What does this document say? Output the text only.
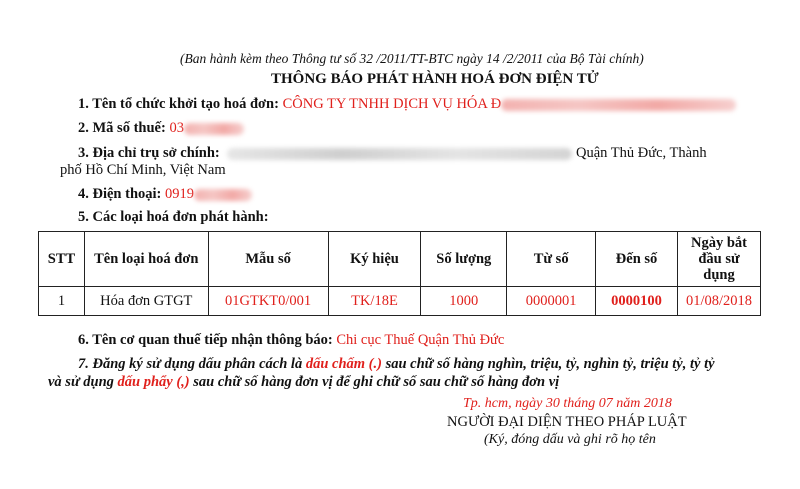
(Ban hành kèm theo Thông tư số 32 /2011/TT-BTC ngày 14 /2/2011 của Bộ Tài chính)
THÔNG BÁO PHÁT HÀNH HOÁ ĐƠN ĐIỆN TỬ
1. Tên tổ chức khởi tạo hoá đơn: CÔNG TY TNHH DỊCH VỤ HÓA Đ
2. Mã số thuế: 03
3. Địa chỉ trụ sở chính:	Quận Thủ Đức, Thành
phố Hồ Chí Minh, Việt Nam
4. Điện thoại: 0919
5. Các loại hoá đơn phát hành:
STT	Tên loại hoá đơn	Mẫu số	Ký hiệu	Số lượng	Từ số	Đến số	Ngày bắt
đầu sử
dụng

1	Hóa đơn GTGT	01GTKT0/001	TK/18E	1000	0000001	0000100	01/08/2018
6. Tên cơ quan thuế tiếp nhận thông báo: Chi cục Thuế Quận Thủ Đức
7. Đăng ký sử dụng dấu phân cách là dấu chấm (.) sau chữ số hàng nghìn, triệu, tỷ, nghìn tỷ, triệu tỷ, tỷ tỷ
và sử dụng dấu phẩy (,) sau chữ số hàng đơn vị để ghi chữ số sau chữ số hàng đơn vị
Tp. hcm, ngày 30 tháng 07 năm 2018
NGƯỜI ĐẠI DIỆN THEO PHÁP LUẬT
(Ký, đóng dấu và ghi rõ họ tên
